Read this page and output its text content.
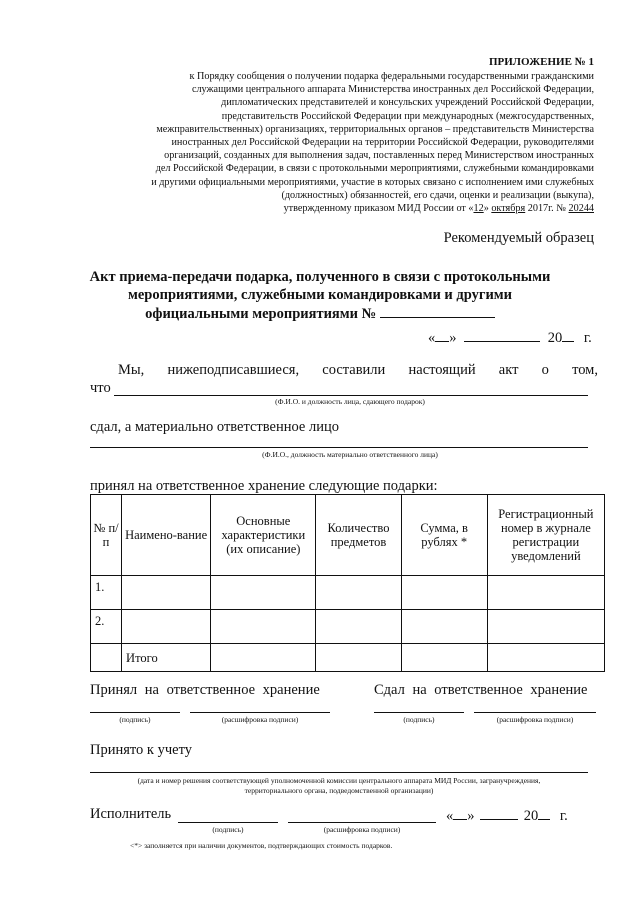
ПРИЛОЖЕНИЕ № 1
к Порядку сообщения о получении подарка федеральными государственными гражданскими
служащими центрального аппарата Министерства иностранных дел Российской Федерации,
дипломатических представителей и консульских учреждений Российской Федерации,
представительств Российской Федерации при международных (межгосударственных,
межправительственных) организациях, территориальных органов – представительств Министерства
иностранных дел Российской Федерации на территории Российской Федерации, руководителями
организаций, созданных для выполнения задач, поставленных перед Министерством иностранных
дел Российской Федерации, в связи с протокольными мероприятиями, служебными командировками
и другими официальными мероприятиями, участие в которых связано с исполнением ими служебных
(должностных) обязанностей, его сдачи, оценки и реализации (выкупа),
утвержденному приказом МИД России от «12» октября 2017г. № 20244
Рекомендуемый образец
Акт приема-передачи подарка, полученного в связи с протокольными
мероприятиями, служебными командировками и другими
официальными мероприятиями №
« »	20 г.
Мы, нижеподписавшиеся, составили настоящий акт о том,
что
(Ф.И.О. и должность лица, сдающего подарок)
сдал, а материально ответственное лицо
(Ф.И.О., должность материально ответственного лица)
принял на ответственное хранение следующие подарки:
№ п/п	Наимено-вание	Основные характеристики (их описание)	Количество предметов	Сумма, в рублях *	Регистрационный номер в журнале регистрации уведомлений
1.					
2.					
	Итого				
Принял на ответственное хранение	Сдал на ответственное хранение
(подпись)	(расшифровка подписи)	(подпись)	(расшифровка подписи)
Принято к учету
(дата и номер решения соответствующей уполномоченной комиссии центрального аппарата МИД России, загранучреждения,
территориального органа, подведомственной организации)
Исполнитель	« »	20 г.
(подпись)	(расшифровка подписи)
<*> заполняется при наличии документов, подтверждающих стоимость подарков.
